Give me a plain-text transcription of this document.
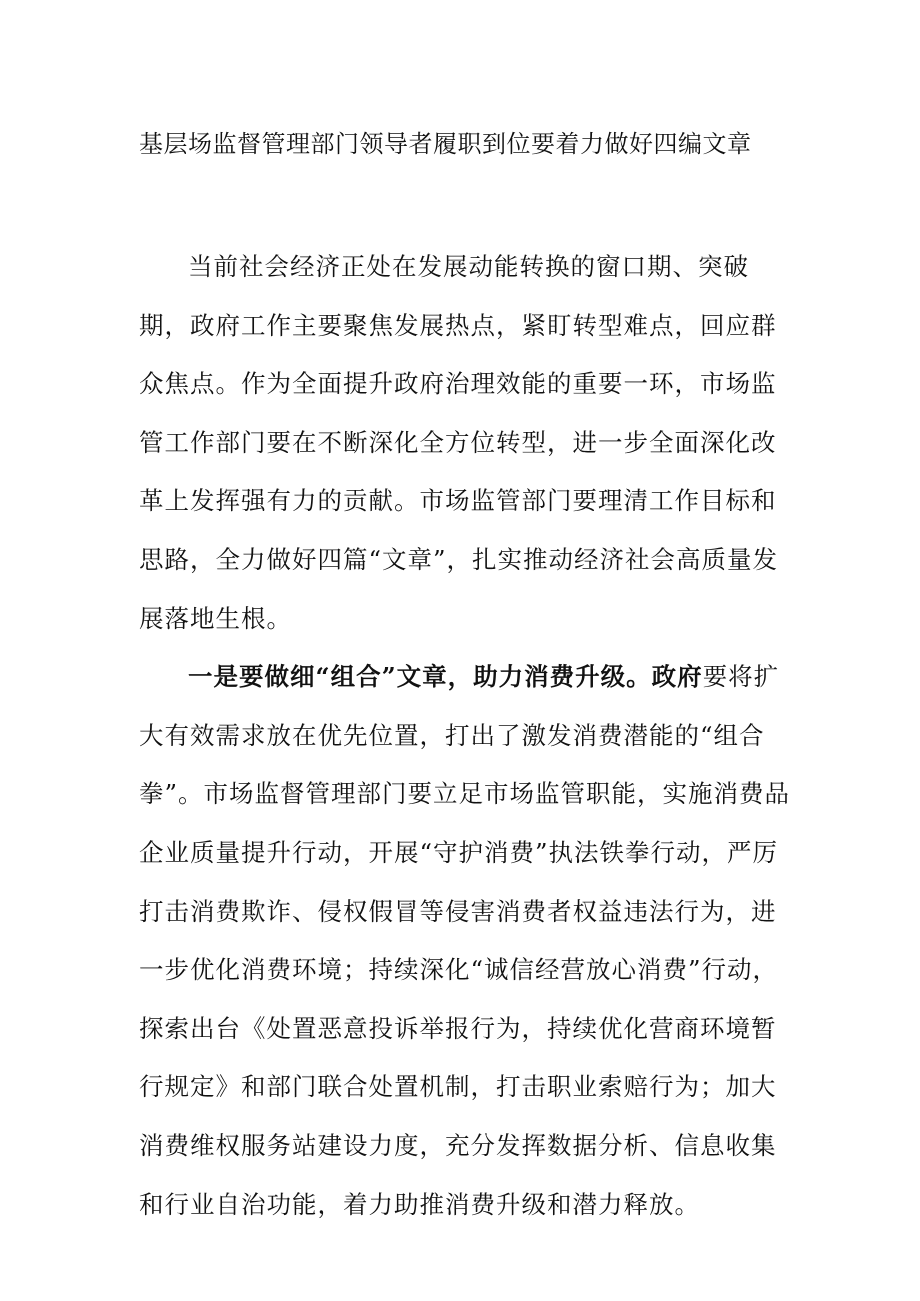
基层场监督管理部门领导者履职到位要着力做好四编文章

当前社会经济正处在发展动能转换的窗口期、突破期，政府工作主要聚焦发展热点，紧盯转型难点，回应群众焦点。作为全面提升政府治理效能的重要一环，市场监管工作部门要在不断深化全方位转型，进一步全面深化改革上发挥强有力的贡献。市场监管部门要理清工作目标和思路，全力做好四篇“文章”，扎实推动经济社会高质量发展落地生根。

一是要做细“组合”文章，助力消费升级。政府要将扩大有效需求放在优先位置，打出了激发消费潜能的“组合拳”。市场监督管理部门要立足市场监管职能，实施消费品企业质量提升行动，开展“守护消费”执法铁拳行动，严厉打击消费欺诈、侵权假冒等侵害消费者权益违法行为，进一步优化消费环境；持续深化“诚信经营放心消费”行动，探索出台《处置恶意投诉举报行为，持续优化营商环境暂行规定》和部门联合处置机制，打击职业索赔行为；加大消费维权服务站建设力度，充分发挥数据分析、信息收集和行业自治功能，着力助推消费升级和潜力释放。
